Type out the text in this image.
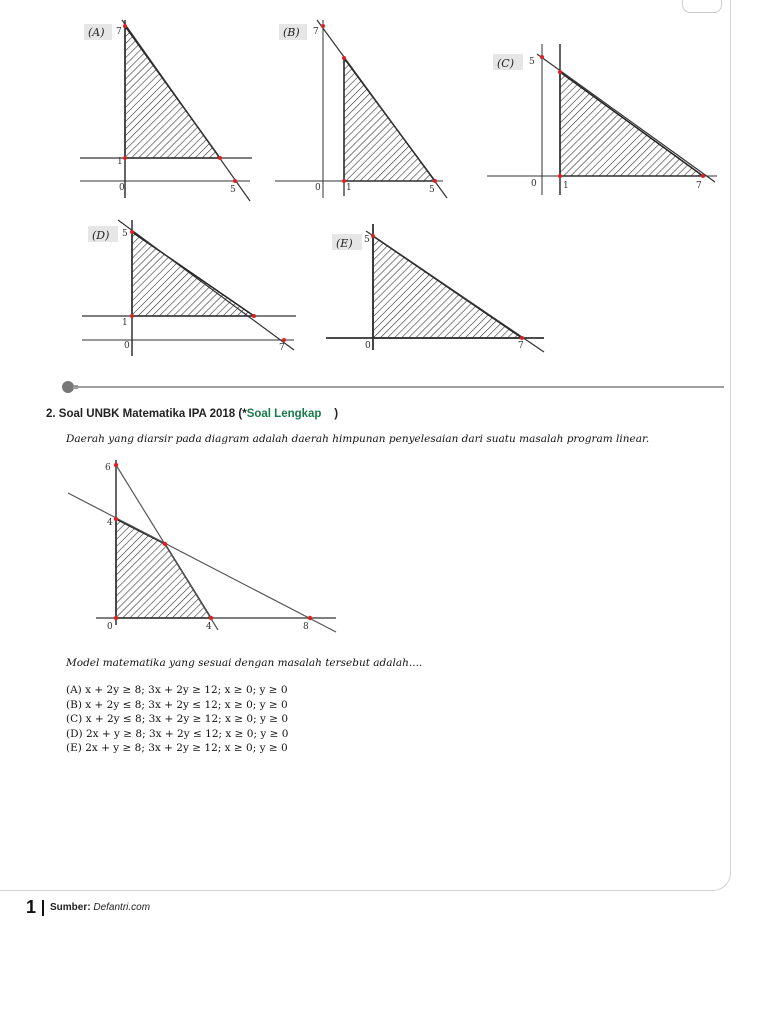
(A) 7
1
0	5
(B) 7
0	1	5
(C) 5
0	1	7
(D) 5
1
0	7
(E) 5
0	7
2. Soal UNBK Matematika IPA 2018 (*Soal Lengkap )
Daerah yang diarsir pada diagram adalah daerah himpunan penyelesaian dari suatu masalah program linear.
6
4
0	4	8
Model matematika yang sesuai dengan masalah tersebut adalah....
(A) x + 2y ≥ 8; 3x + 2y ≥ 12; x ≥ 0; y ≥ 0
(B) x + 2y ≤ 8; 3x + 2y ≤ 12; x ≥ 0; y ≥ 0
(C) x + 2y ≤ 8; 3x + 2y ≥ 12; x ≥ 0; y ≥ 0
(D) 2x + y ≥ 8; 3x + 2y ≤ 12; x ≥ 0; y ≥ 0
(E) 2x + y ≥ 8; 3x + 2y ≥ 12; x ≥ 0; y ≥ 0
1 Sumber: Defantri.com
